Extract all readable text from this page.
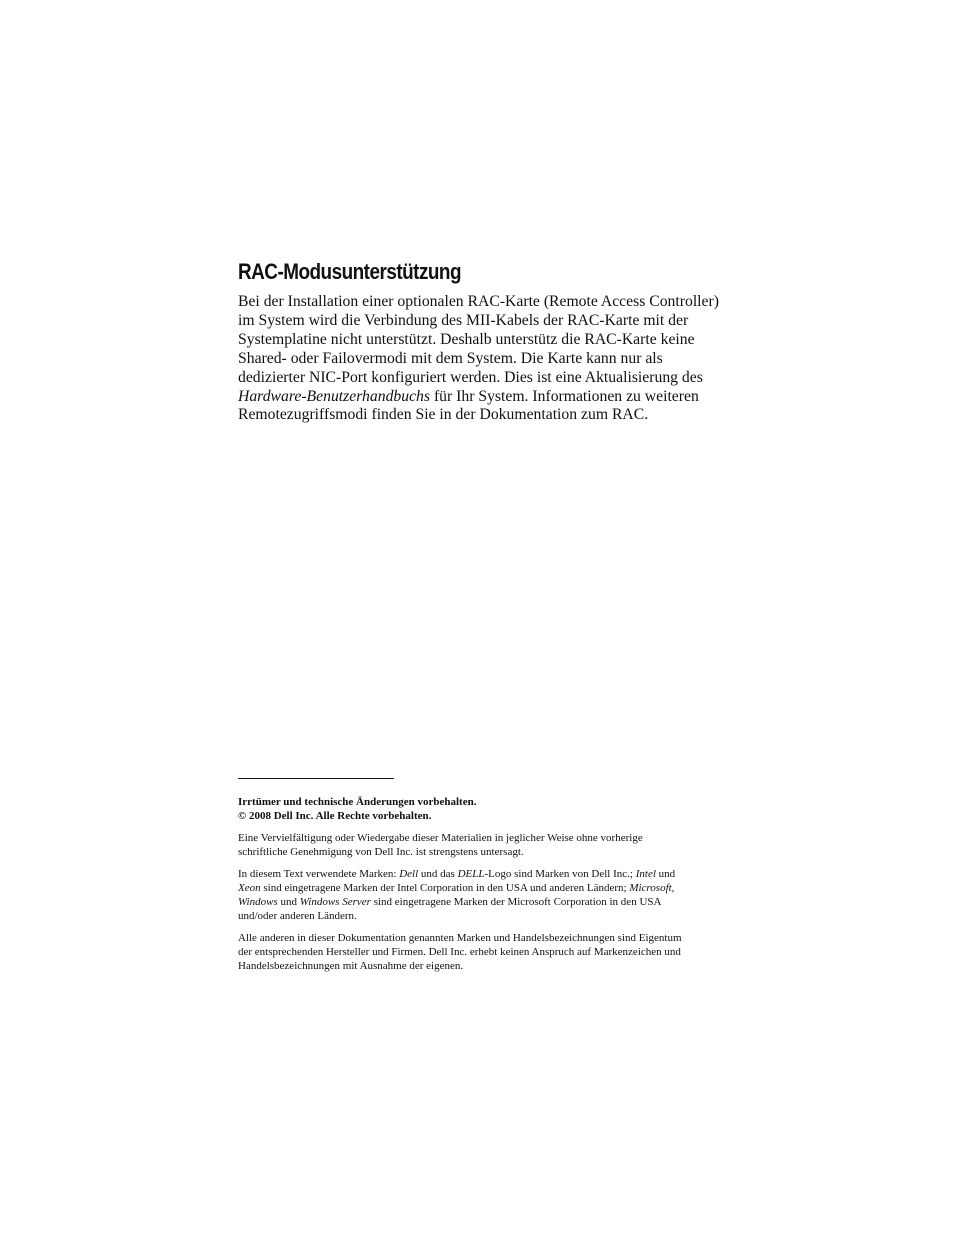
RAC-Modusunterstützung

Bei der Installation einer optionalen RAC-Karte (Remote Access Controller)
im System wird die Verbindung des MII-Kabels der RAC-Karte mit der
Systemplatine nicht unterstützt. Deshalb unterstütz die RAC-Karte keine
Shared- oder Failovermodi mit dem System. Die Karte kann nur als
dedizierter NIC-Port konfiguriert werden. Dies ist eine Aktualisierung des
Hardware-Benutzerhandbuchs für Ihr System. Informationen zu weiteren
Remotezugriffsmodi finden Sie in der Dokumentation zum RAC.

Irrtümer und technische Änderungen vorbehalten.
© 2008 Dell Inc. Alle Rechte vorbehalten.

Eine Vervielfältigung oder Wiedergabe dieser Materialien in jeglicher Weise ohne vorherige
schriftliche Genehmigung von Dell Inc. ist strengstens untersagt.

In diesem Text verwendete Marken: Dell und das DELL-Logo sind Marken von Dell Inc.; Intel und
Xeon sind eingetragene Marken der Intel Corporation in den USA und anderen Ländern; Microsoft,
Windows und Windows Server sind eingetragene Marken der Microsoft Corporation in den USA
und/oder anderen Ländern.

Alle anderen in dieser Dokumentation genannten Marken und Handelsbezeichnungen sind Eigentum
der entsprechenden Hersteller und Firmen. Dell Inc. erhebt keinen Anspruch auf Markenzeichen und
Handelsbezeichnungen mit Ausnahme der eigenen.
